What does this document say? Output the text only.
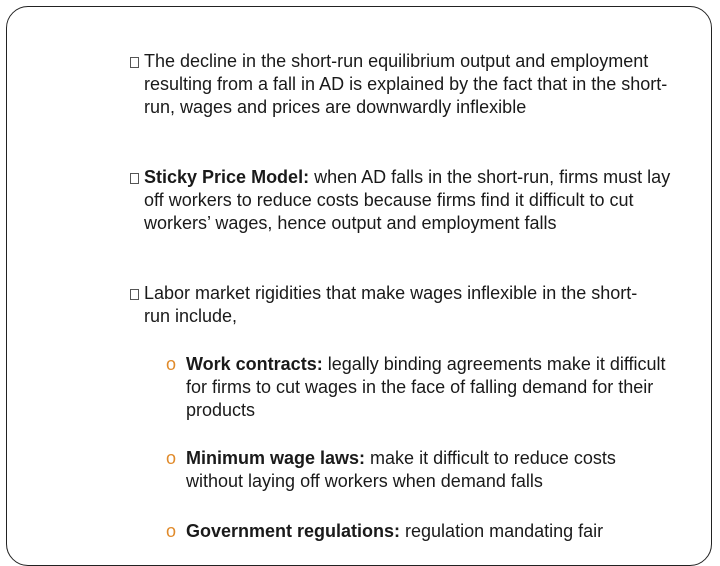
The decline in the short-run equilibrium output and employment resulting from a fall in AD is explained by the fact that in the short-run, wages and prices are downwardly inflexible
Sticky Price Model: when AD falls in the short-run, firms must lay off workers to reduce costs because firms find it difficult to cut workers’ wages, hence output and employment falls
Labor market rigidities that make wages inflexible in the short-run include,
o Work contracts: legally binding agreements make it difficult for firms to cut wages in the face of falling demand for their products
o Minimum wage laws: make it difficult to reduce costs without laying off workers when demand falls
o Government regulations: regulation mandating fair
